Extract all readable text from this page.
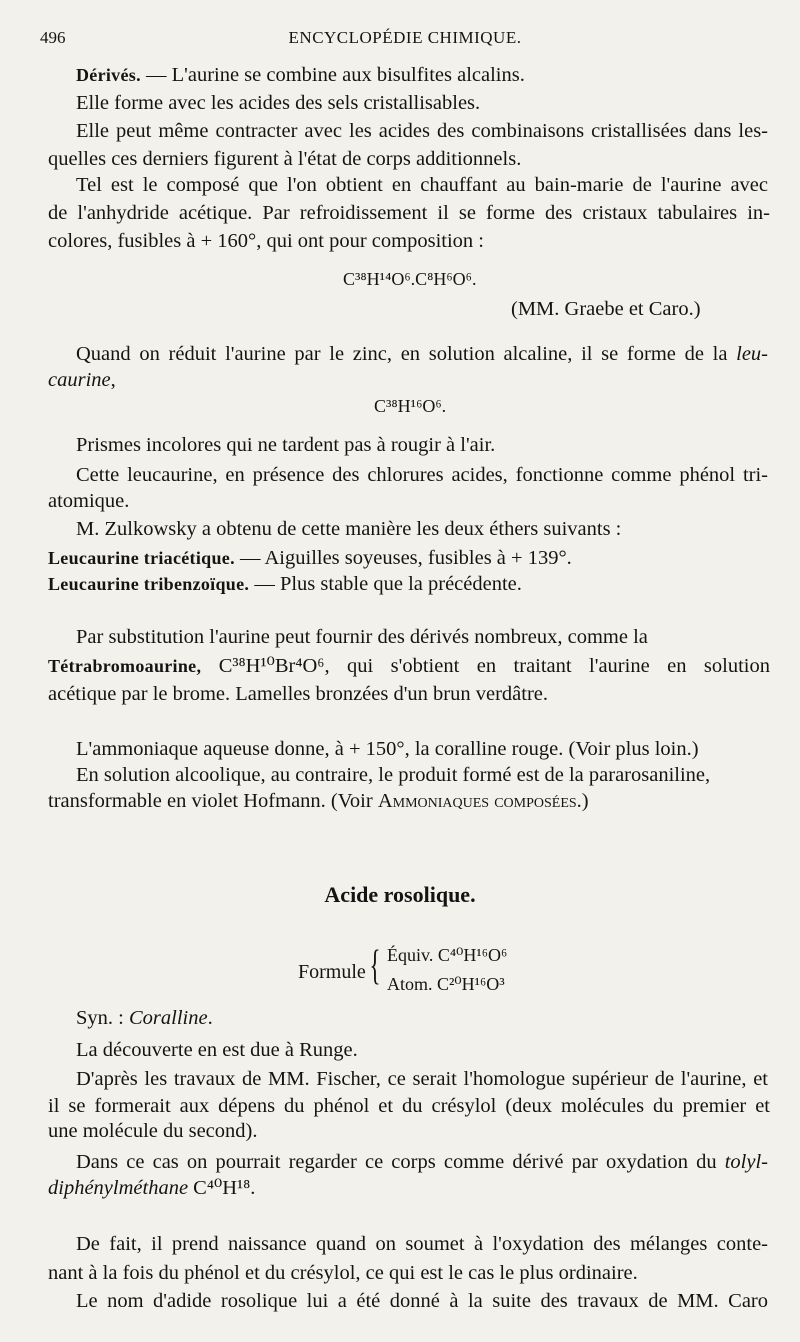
496	ENCYCLOPÉDIE CHIMIQUE.
Dérivés. — L'aurine se combine aux bisulfites alcalins.
Elle forme avec les acides des sels cristallisables.
Elle peut même contracter avec les acides des combinaisons cristallisées dans les-
quelles ces derniers figurent à l'état de corps additionnels.
Tel est le composé que l'on obtient en chauffant au bain-marie de l'aurine avec
de l'anhydride acétique. Par refroidissement il se forme des cristaux tabulaires in-
colores, fusibles à + 160°, qui ont pour composition :
C³⁸H¹⁴O⁶.C⁸H⁶O⁶.
(MM. Graebe et Caro.)
Quand on réduit l'aurine par le zinc, en solution alcaline, il se forme de la leu-
caurine,
C³⁸H¹⁶O⁶.
Prismes incolores qui ne tardent pas à rougir à l'air.
Cette leucaurine, en présence des chlorures acides, fonctionne comme phénol tri-
atomique.
M. Zulkowsky a obtenu de cette manière les deux éthers suivants :
Leucaurine triacétique. — Aiguilles soyeuses, fusibles à + 139°.
Leucaurine tribenzoïque. — Plus stable que la précédente.
Par substitution l'aurine peut fournir des dérivés nombreux, comme la
Tétrabromoaurine, C³⁸H¹⁰Br⁴O⁶, qui s'obtient en traitant l'aurine en solution
acétique par le brome. Lamelles bronzées d'un brun verdâtre.
L'ammoniaque aqueuse donne, à + 150°, la coralline rouge. (Voir plus loin.)
En solution alcoolique, au contraire, le produit formé est de la pararosaniline,
transformable en violet Hofmann. (Voir Ammoniaques composées.)
Acide rosolique.
Formule { Équiv. C⁴⁰H¹⁶O⁶
Atom. C²⁰H¹⁶O³
Syn. : Coralline.
La découverte en est due à Runge.
D'après les travaux de MM. Fischer, ce serait l'homologue supérieur de l'aurine, et
il se formerait aux dépens du phénol et du crésylol (deux molécules du premier et
une molécule du second).
Dans ce cas on pourrait regarder ce corps comme dérivé par oxydation du tolyl-
diphénylméthane C⁴⁰H¹⁸.
De fait, il prend naissance quand on soumet à l'oxydation des mélanges conte-
nant à la fois du phénol et du crésylol, ce qui est le cas le plus ordinaire.
Le nom d'adide rosolique lui a été donné à la suite des travaux de MM. Caro
